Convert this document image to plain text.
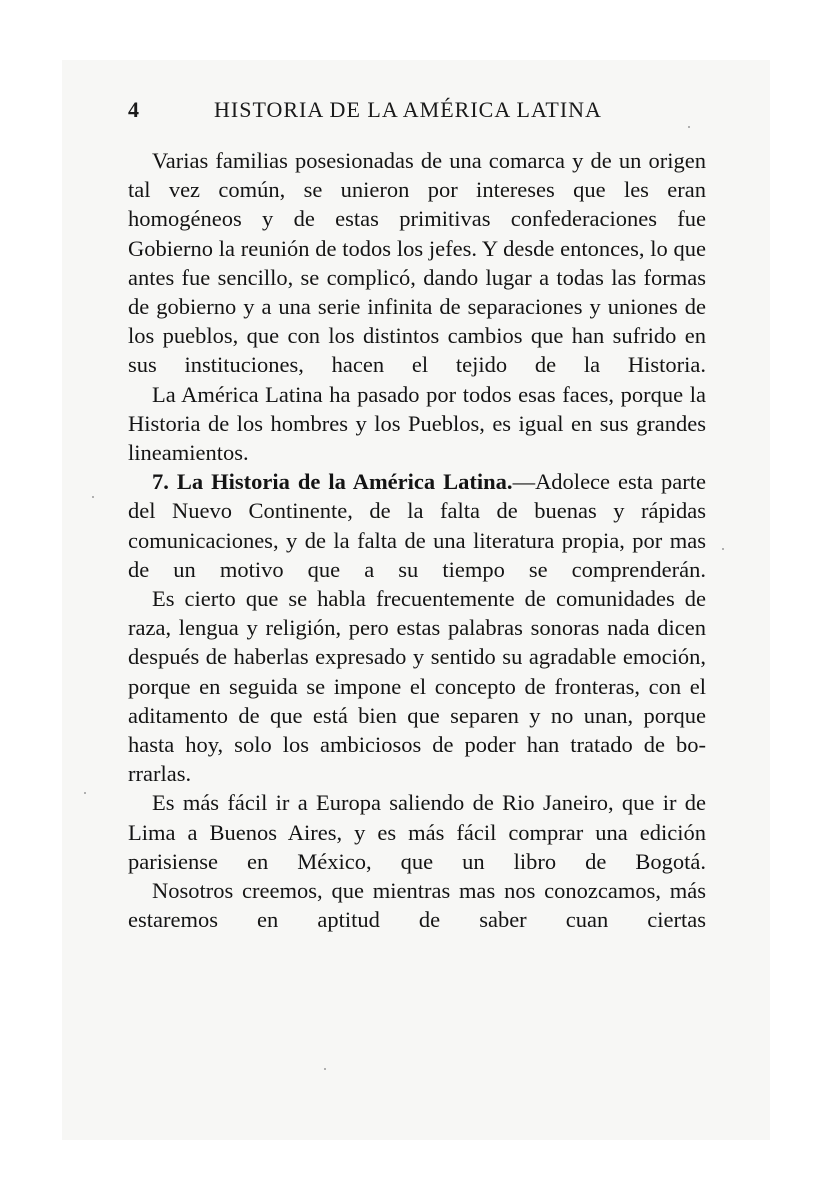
4	HISTORIA DE LA AMÉRICA LATINA

Varias familias posesionadas de una comarca y de un origen tal vez común, se unieron por intereses que les eran homogéneos y de estas primitivas confederaciones fue Gobierno la reunión de todos los jefes. Y desde entonces, lo que antes fue sencillo, se complicó, dando lugar a todas las formas de gobierno y a una serie infinita de separaciones y uniones de los pueblos, que con los distintos cambios que han sufrido en sus instituciones, hacen el tejido de la Historia.

La América Latina ha pasado por todos esas faces, porque la Historia de los hombres y los Pueblos, es igual en sus grandes lineamientos.

7. La Historia de la América Latina.—Adolece esta parte del Nuevo Continente, de la falta de buenas y rápidas comunicaciones, y de la falta de una literatura propia, por mas de un motivo que a su tiempo se comprenderán.

Es cierto que se habla frecuentemente de comunidades de raza, lengua y religión, pero estas palabras sonoras nada dicen después de haberlas expresado y sentido su agradable emoción, porque en seguida se impone el concepto de fronteras, con el aditamento de que está bien que separen y no unan, porque hasta hoy, solo los ambiciosos de poder han tratado de borrarlas.

Es más fácil ir a Europa saliendo de Rio Janeiro, que ir de Lima a Buenos Aires, y es más fácil comprar una edición parisiense en México, que un libro de Bogotá.

Nosotros creemos, que mientras mas nos conozcamos, más estaremos en aptitud de saber cuan ciertas
